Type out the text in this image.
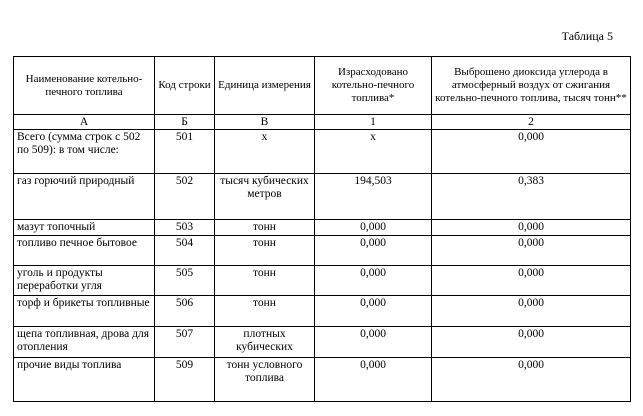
Таблица 5
Наименование котельно-печного топлива	Код строки	Единица измерения	Израсходовано котельно-печного топлива*	Выброшено диоксида углерода в атмосферный воздух от сжигания котельно-печного топлива, тысяч тонн**
А	Б	В	1	2
Всего (сумма строк с 502 по 509): в том числе:	501	х	х	0,000
газ горючий природный	502	тысяч кубических метров	194,503	0,383
мазут топочный	503	тонн	0,000	0,000
топливо печное бытовое	504	тонн	0,000	0,000
уголь и продукты переработки угля	505	тонн	0,000	0,000
торф и брикеты топливные	506	тонн	0,000	0,000
щепа топливная, дрова для отопления	507	плотных кубических	0,000	0,000
прочие виды топлива	509	тонн условного топлива	0,000	0,000
